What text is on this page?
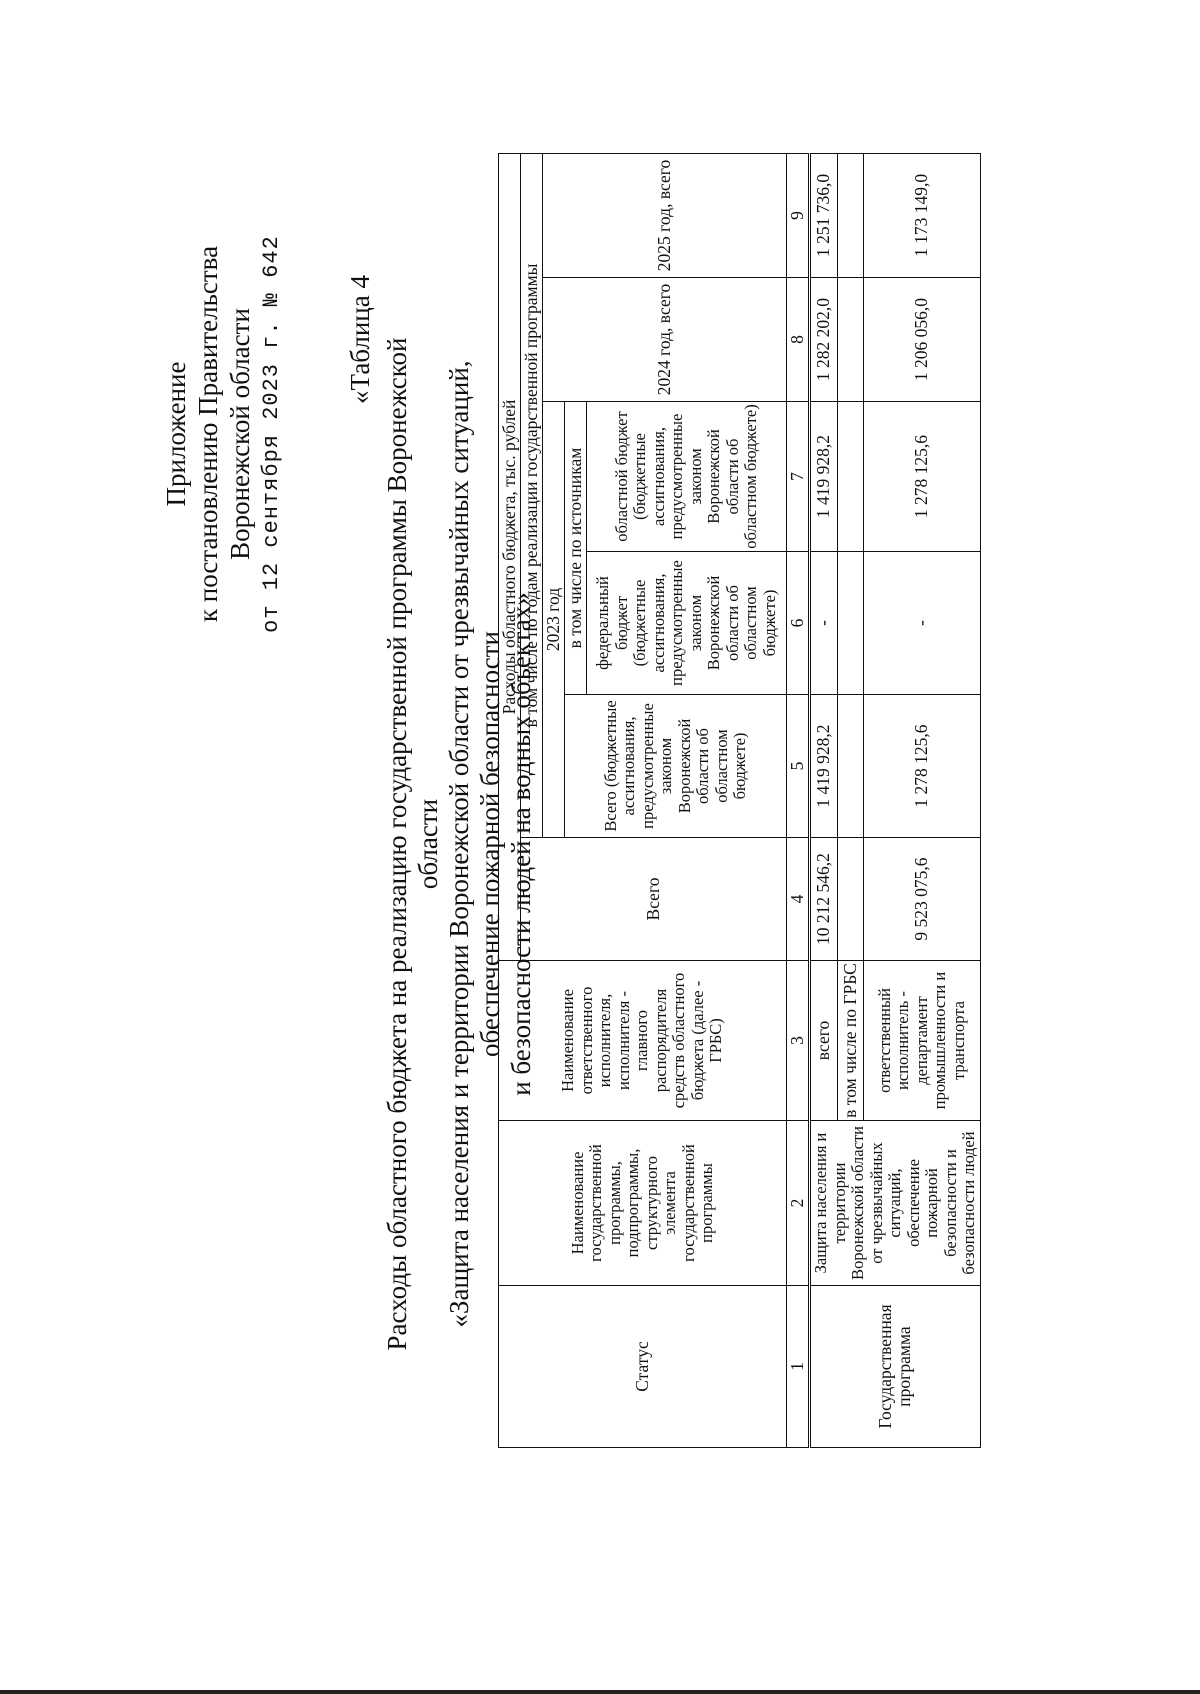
Приложение к постановлению Правительства Воронежской области от 12 сентября 2023 г. № 642 «Таблица 4 Расходы областного бюджета на реализацию государственной программы Воронежской области «Защита населения и территории Воронежской области от чрезвычайных ситуаций, обеспечение пожарной безопасности и безопасности людей на водных объектах»
Статус	Наименование государственной программы, подпрограммы, структурного элемента государственной программы	Наименование ответственного исполнителя, исполнителя - главного распорядителя средств областного бюджета (далее - ГРБС)	Расходы областного бюджета, тыс. рублей					
			Всего	в том числе по годам реализации государственной программы				
				2023 год			2024 год, всего	2025 год, всего
				Всего (бюджетные ассигнования, предусмотренные законом Воронежской области об областном бюджете)	в том числе по источникам			
					федеральный бюджет (бюджетные ассигнования, предусмотренные законом Воронежской области об областном бюджете)	областной бюджет (бюджетные ассигнования, предусмотренные законом Воронежской области об областном бюджете)		
1	2	3	4	5	6	7	8	9
Государственная программа	Защита населения и территории Воронежской области от чрезвычайных ситуаций, обеспечение пожарной безопасности и безопасности людей	всего	10 212 546,2	1 419 928,2	-	1 419 928,2	1 282 202,0	1 251 736,0
		в том числе по ГРБС						
		ответственный исполнитель - департамент промышленности и транспорта	9 523 075,6	1 278 125,6	-	1 278 125,6	1 206 056,0	1 173 149,0
